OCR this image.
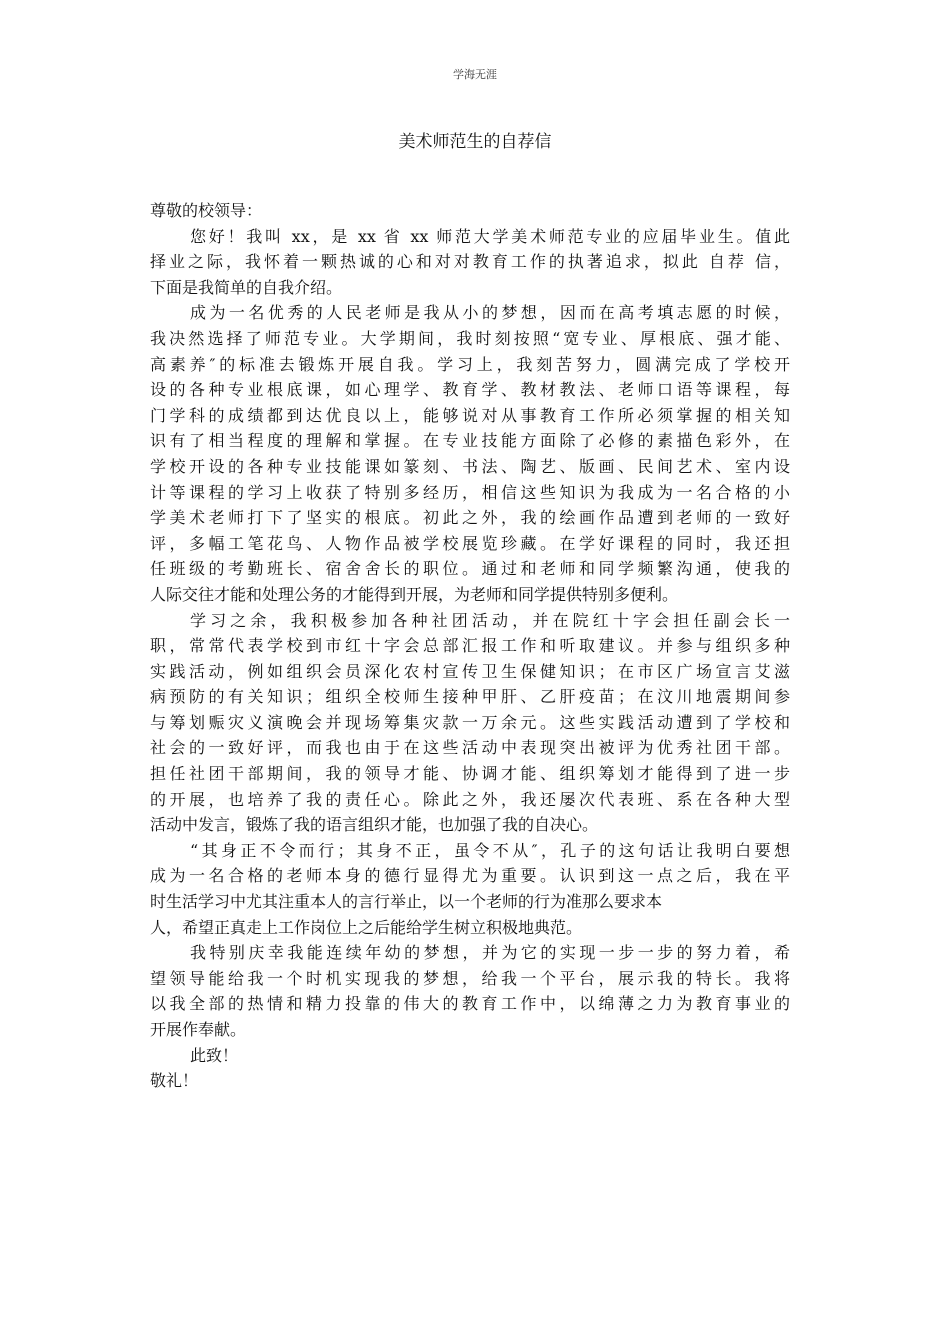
学海无涯
美术师范生的自荐信
尊敬的校领导：
您好！我叫 xx，是 xx 省 xx 师范大学美术师范专业的应届毕业生。值此
择业之际，我怀着一颗热诚的心和对对教育工作的执著追求，拟此 自荐 信，
下面是我简单的自我介绍。
成为一名优秀的人民老师是我从小的梦想，因而在高考填志愿的时候，
我决然选择了师范专业。大学期间，我时刻按照“宽专业、厚根底、强才能、
高素养″的标准去锻炼开展自我。学习上，我刻苦努力，圆满完成了学校开
设的各种专业根底课，如心理学、教育学、教材教法、老师口语等课程，每
门学科的成绩都到达优良以上，能够说对从事教育工作所必须掌握的相关知
识有了相当程度的理解和掌握。在专业技能方面除了必修的素描色彩外，在
学校开设的各种专业技能课如篆刻、书法、陶艺、版画、民间艺术、室内设
计等课程的学习上收获了特别多经历，相信这些知识为我成为一名合格的小
学美术老师打下了坚实的根底。初此之外，我的绘画作品遭到老师的一致好
评，多幅工笔花鸟、人物作品被学校展览珍藏。在学好课程的同时，我还担
任班级的考勤班长、宿舍舍长的职位。通过和老师和同学频繁沟通，使我的
人际交往才能和处理公务的才能得到开展，为老师和同学提供特别多便利。
学习之余，我积极参加各种社团活动，并在院红十字会担任副会长一
职，常常代表学校到市红十字会总部汇报工作和听取建议。并参与组织多种
实践活动，例如组织会员深化农村宣传卫生保健知识；在市区广场宣言艾滋
病预防的有关知识；组织全校师生接种甲肝、乙肝疫苗；在汶川地震期间参
与筹划赈灾义演晚会并现场筹集灾款一万余元。这些实践活动遭到了学校和
社会的一致好评，而我也由于在这些活动中表现突出被评为优秀社团干部。
担任社团干部期间，我的领导才能、协调才能、组织筹划才能得到了进一步
的开展，也培养了我的责任心。除此之外，我还屡次代表班、系在各种大型
活动中发言，锻炼了我的语言组织才能，也加强了我的自决心。
“其身正不令而行；其身不正，虽令不从″，孔子的这句话让我明白要想
成为一名合格的老师本身的德行显得尤为重要。认识到这一点之后，我在平
时生活学习中尤其注重本人的言行举止，以一个老师的行为准那么要求本
人，希望正真走上工作岗位上之后能给学生树立积极地典范。
我特别庆幸我能连续年幼的梦想，并为它的实现一步一步的努力着，希
望领导能给我一个时机实现我的梦想，给我一个平台，展示我的特长。我将
以我全部的热情和精力投靠的伟大的教育工作中，以绵薄之力为教育事业的
开展作奉献。
此致！
敬礼！
